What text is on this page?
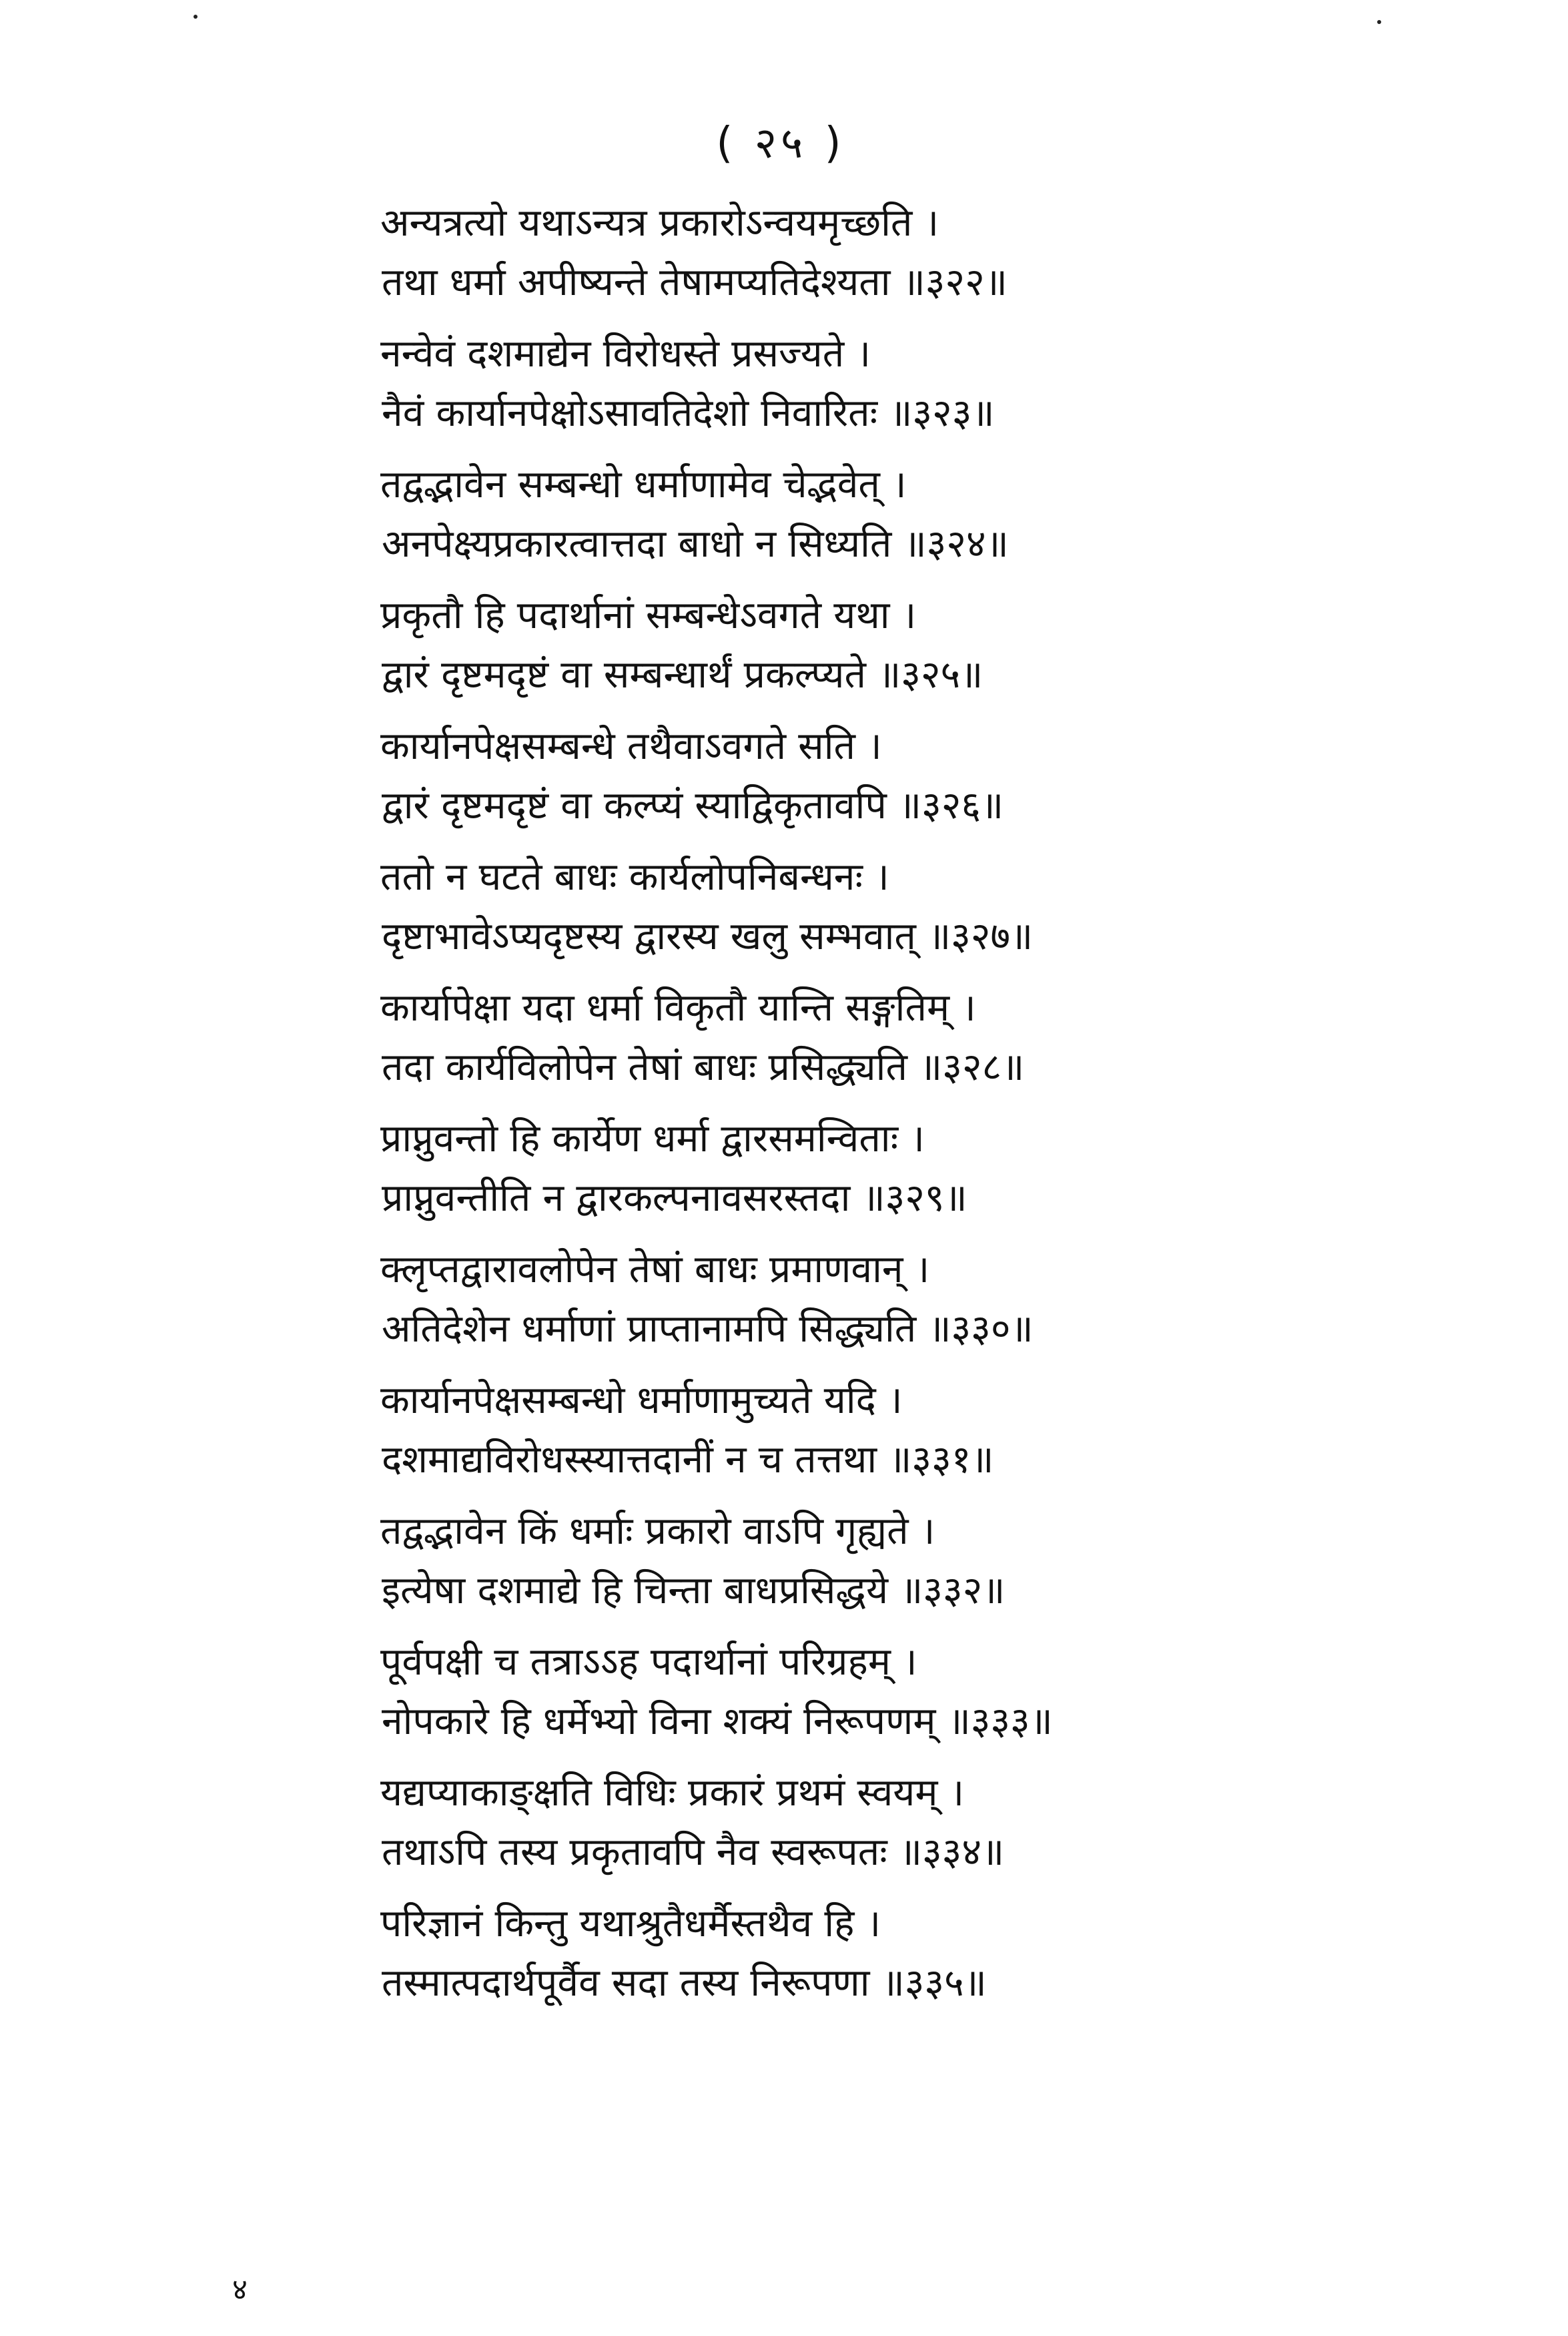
( २५ )
अन्यत्रत्यो यथाऽन्यत्र प्रकारोऽन्वयमृच्छति ।
तथा धर्मा अपीष्यन्ते तेषामप्यतिदेश्यता ॥३२२॥
नन्वेवं दशमाद्येन विरोधस्ते प्रसज्यते ।
नैवं कार्यानपेक्षोऽसावतिदेशो निवारितः ॥३२३॥
तद्वद्भावेन सम्बन्धो धर्माणामेव चेद्भवेत् ।
अनपेक्ष्यप्रकारत्वात्तदा बाधो न सिध्यति ॥३२४॥
प्रकृतौ हि पदार्थानां सम्बन्धेऽवगते यथा ।
द्वारं दृष्टमदृष्टं वा सम्बन्धार्थं प्रकल्प्यते ॥३२५॥
कार्यानपेक्षसम्बन्धे तथैवाऽवगते सति ।
द्वारं दृष्टमदृष्टं वा कल्प्यं स्याद्विकृतावपि ॥३२६॥
ततो न घटते बाधः कार्यलोपनिबन्धनः ।
दृष्टाभावेऽप्यदृष्टस्य द्वारस्य खलु सम्भवात् ॥३२७॥
कार्यापेक्षा यदा धर्मा विकृतौ यान्ति सङ्गतिम् ।
तदा कार्यविलोपेन तेषां बाधः प्रसिद्ध्यति ॥३२८॥
प्राप्नुवन्तो हि कार्येण धर्मा द्वारसमन्विताः ।
प्राप्नुवन्तीति न द्वारकल्पनावसरस्तदा ॥३२९॥
क्लृप्तद्वारावलोपेन तेषां बाधः प्रमाणवान् ।
अतिदेशेन धर्माणां प्राप्तानामपि सिद्ध्यति ॥३३०॥
कार्यानपेक्षसम्बन्धो धर्माणामुच्यते यदि ।
दशमाद्यविरोधस्स्यात्तदानीं न च तत्तथा ॥३३१॥
तद्वद्भावेन किं धर्माः प्रकारो वाऽपि गृह्यते ।
इत्येषा दशमाद्ये हि चिन्ता बाधप्रसिद्धये ॥३३२॥
पूर्वपक्षी च तत्राऽऽह पदार्थानां परिग्रहम् ।
नोपकारे हि धर्मेभ्यो विना शक्यं निरूपणम् ॥३३३॥
यद्यप्याकाङ्क्षति विधिः प्रकारं प्रथमं स्वयम् ।
तथाऽपि तस्य प्रकृतावपि नैव स्वरूपतः ॥३३४॥
परिज्ञानं किन्तु यथाश्रुतैधर्मैस्तथैव हि ।
तस्मात्पदार्थपूर्वैव सदा तस्य निरूपणा ॥३३५॥
४
